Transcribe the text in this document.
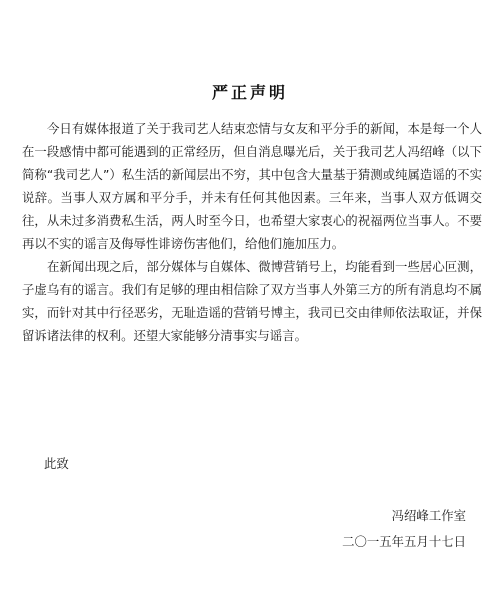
严正声明

今日有媒体报道了关于我司艺人结束恋情与女友和平分手的新闻，本是每一个人在一段感情中都可能遇到的正常经历，但自消息曝光后，关于我司艺人冯绍峰（以下简称“我司艺人”）私生活的新闻层出不穷，其中包含大量基于猜测或纯属造谣的不实说辞。当事人双方属和平分手，并未有任何其他因素。三年来，当事人双方低调交往，从未过多消费私生活，两人时至今日，也希望大家衷心的祝福两位当事人。不要再以不实的谣言及侮辱性诽谤伤害他们，给他们施加压力。

在新闻出现之后，部分媒体与自媒体、微博营销号上，均能看到一些居心叵测，子虚乌有的谣言。我们有足够的理由相信除了双方当事人外第三方的所有消息均不属实，而针对其中行径恶劣，无耻造谣的营销号博主，我司已交由律师依法取证，并保留诉诸法律的权利。还望大家能够分清事实与谣言。

此致
冯绍峰工作室
二〇一五年五月十七日
